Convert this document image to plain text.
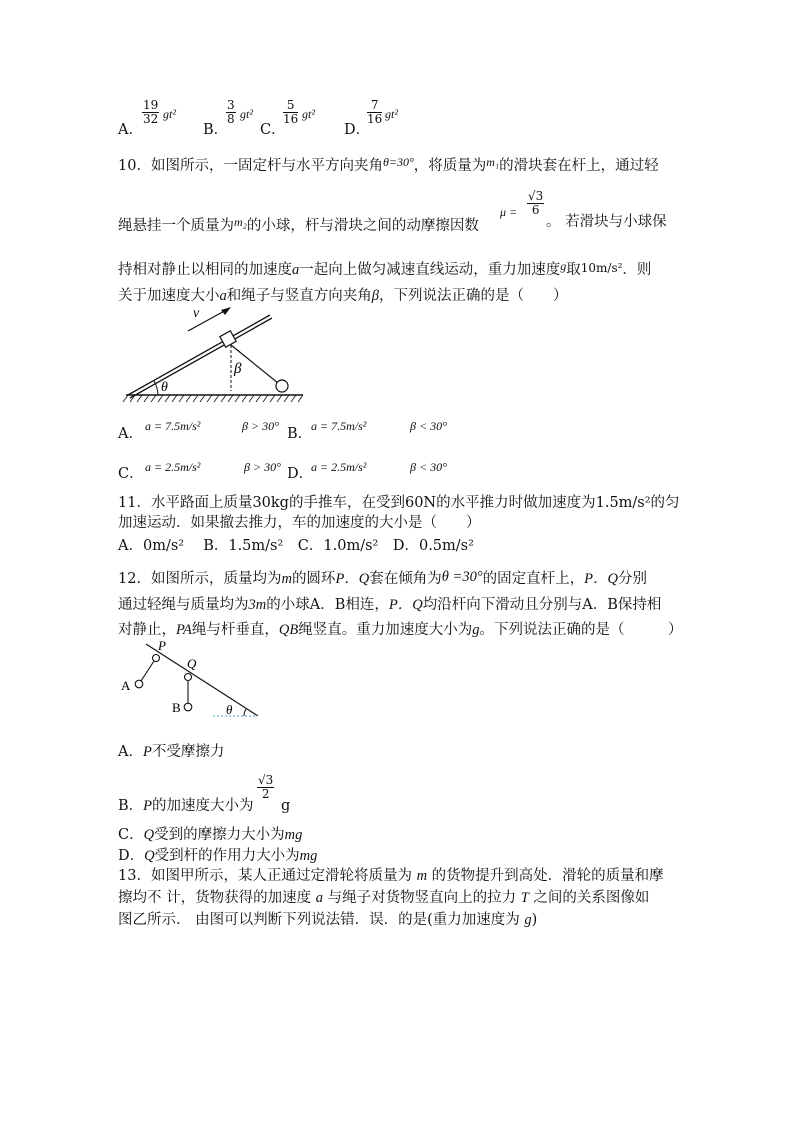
A．
$\frac{19}{32} gt^2$
B．
$\frac{3}{8} gt^2$
C．
$\frac{5}{16} gt^2$
D．
$\frac{7}{16} gt^2$
10．如图所示，一固定杆与水平方向夹角$^{\theta=30^\circ}$，将质量为$^{m_1}$的滑块套在杆上，通过轻
绳悬挂一个质量为$^{m_2}$的小球，杆与滑块之间的动摩擦因数
$\mu = \frac{√3}{6}$
。 若滑块与小球保
持相对静止以相同的加速度a一起向上做匀减速直线运动，重力加速度$^g$取10m/s²．则
关于加速度大小a和绳子与竖直方向夹角β，下列说法正确的是（　　）
θ
v
β
A． a = 7.5m/s²	β > 30° B．
a = 7.5m/s²	β < 30°
C． a = 2.5m/s²	β > 30° D．
a = 2.5m/s²	β < 30°
11．水平路面上质量30kg的手推车，在受到60N的水平推力时做加速度为1.5m/s²的匀
加速运动．如果撤去推力，车的加速度的大小是（　　）
A．0m/s²　 B．1.5m/s²　C．1.0m/s²　D．0.5m/s²
12．如图所示，质量均为m的圆环P．Q套在倾角为θ =30°的固定直杆上，P．Q分别
通过轻绳与质量均为3m的小球A．B相连，P．Q均沿杆向下滑动且分别与A．B保持相
对静止，PA绳与杆垂直，QB绳竖直。重力加速度大小为g。下列说法正确的是（　　　）
θ
P
A
Q
B
A．P不受摩擦力
B．P的加速度大小为
$\frac{√3}{2}$
g
C．Q受到的摩擦力大小为mg
D．Q受到杆的作用力大小为mg
13．如图甲所示，某人正通过定滑轮将质量为 m 的货物提升到高处．滑轮的质量和摩
擦均不 计，货物获得的加速度 a 与绳子对货物竖直向上的拉力 T 之间的关系图像如
图乙所示． 由图可以判断下列说法错．误．的是(重力加速度为 g)
